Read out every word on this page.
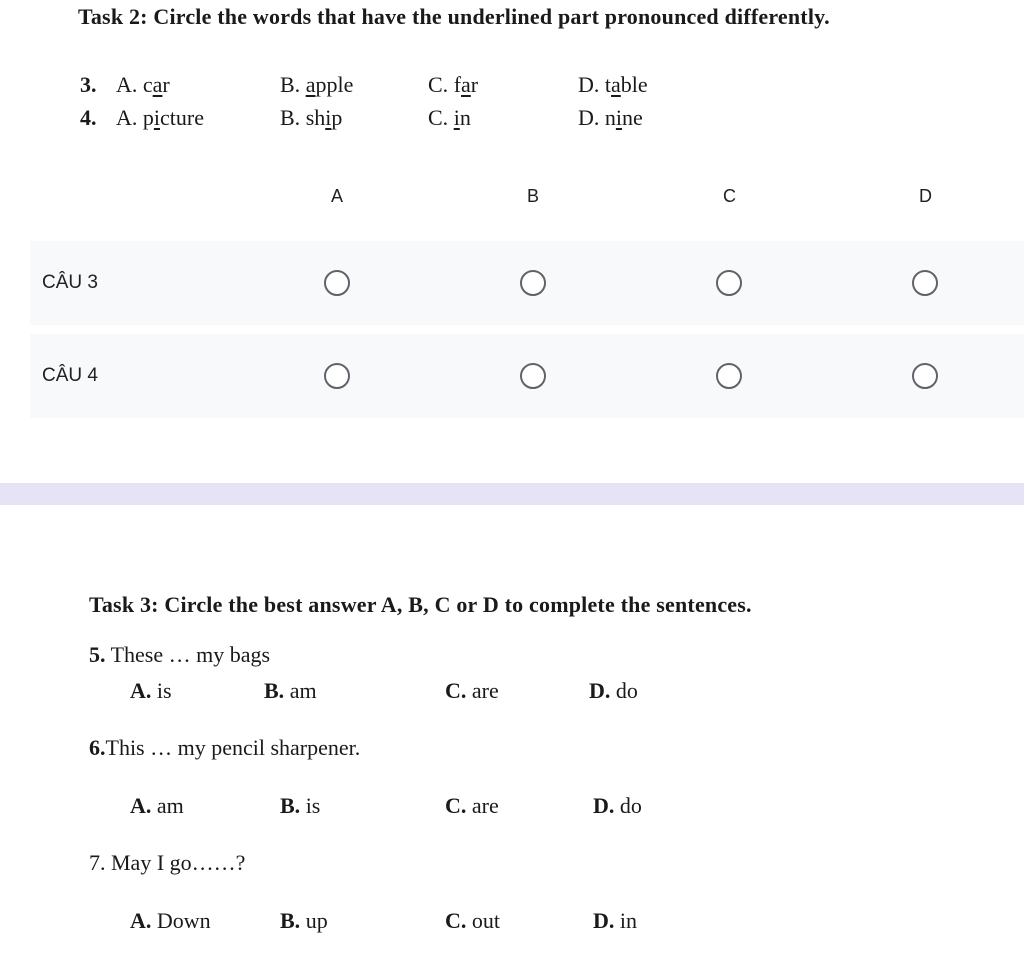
Task 2: Circle the words that have the underlined part pronounced differently.
3. A. car	B. apple	C. far	D. table
4. A. picture	B. ship	C. in	D. nine
A	B	C	D
CÂU 3
CÂU 4
Task 3: Circle the best answer A, B, C or D to complete the sentences.
5. These … my bags
A. is	B. am	C. are	D. do
6.This … my pencil sharpener.
A. am	B. is	C. are	D. do
7. May I go……?
A. Down	B. up	C. out	D. in
